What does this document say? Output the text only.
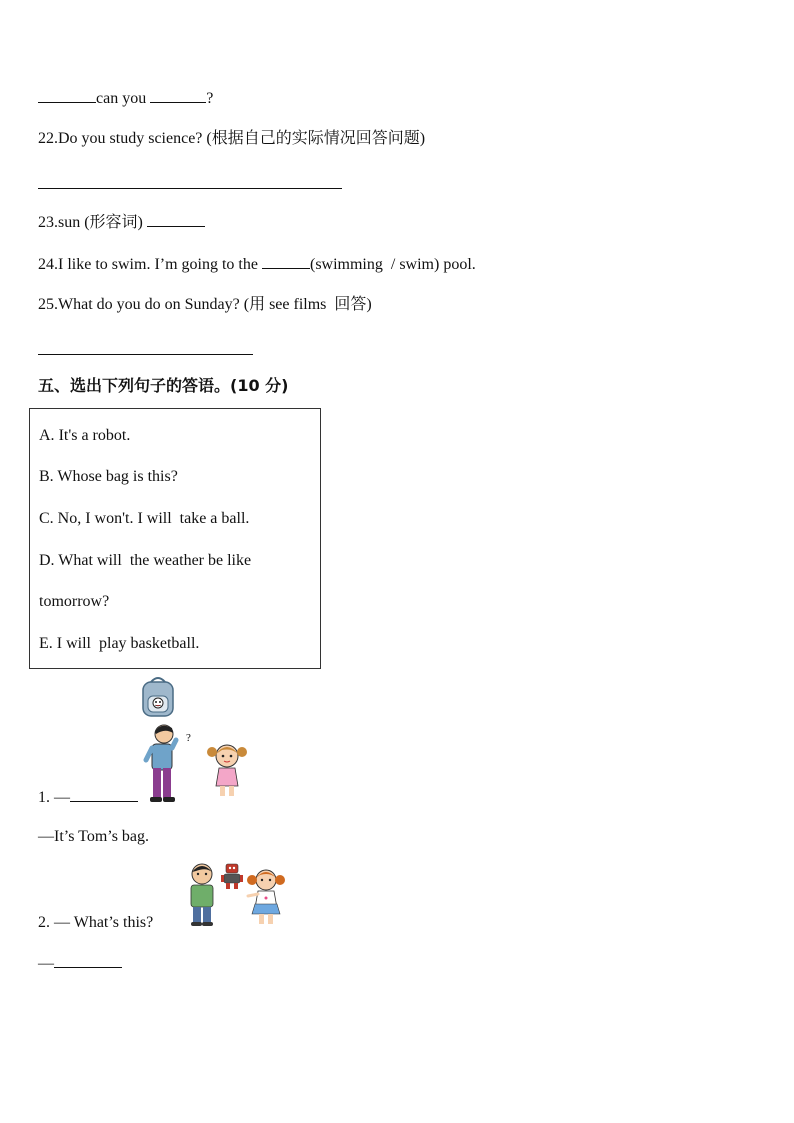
can you	?
22.Do you study science? (根据自己的实际情况回答问题)
23.sun (形容词)
24.I like to swim. I’m going to the	(swimming  / swim) pool.
25.What do you do on Sunday? (用 see films  回答)
五、选出下列句子的答语。(10 分)
A. It's a robot.
B. Whose bag is this?
C. No, I won't. I will  take a ball.
D. What will  the weather be like
tomorrow?
E. I will  play basketball.
?
1. —
—It’s Tom’s bag.
2. — What’s this?
—
